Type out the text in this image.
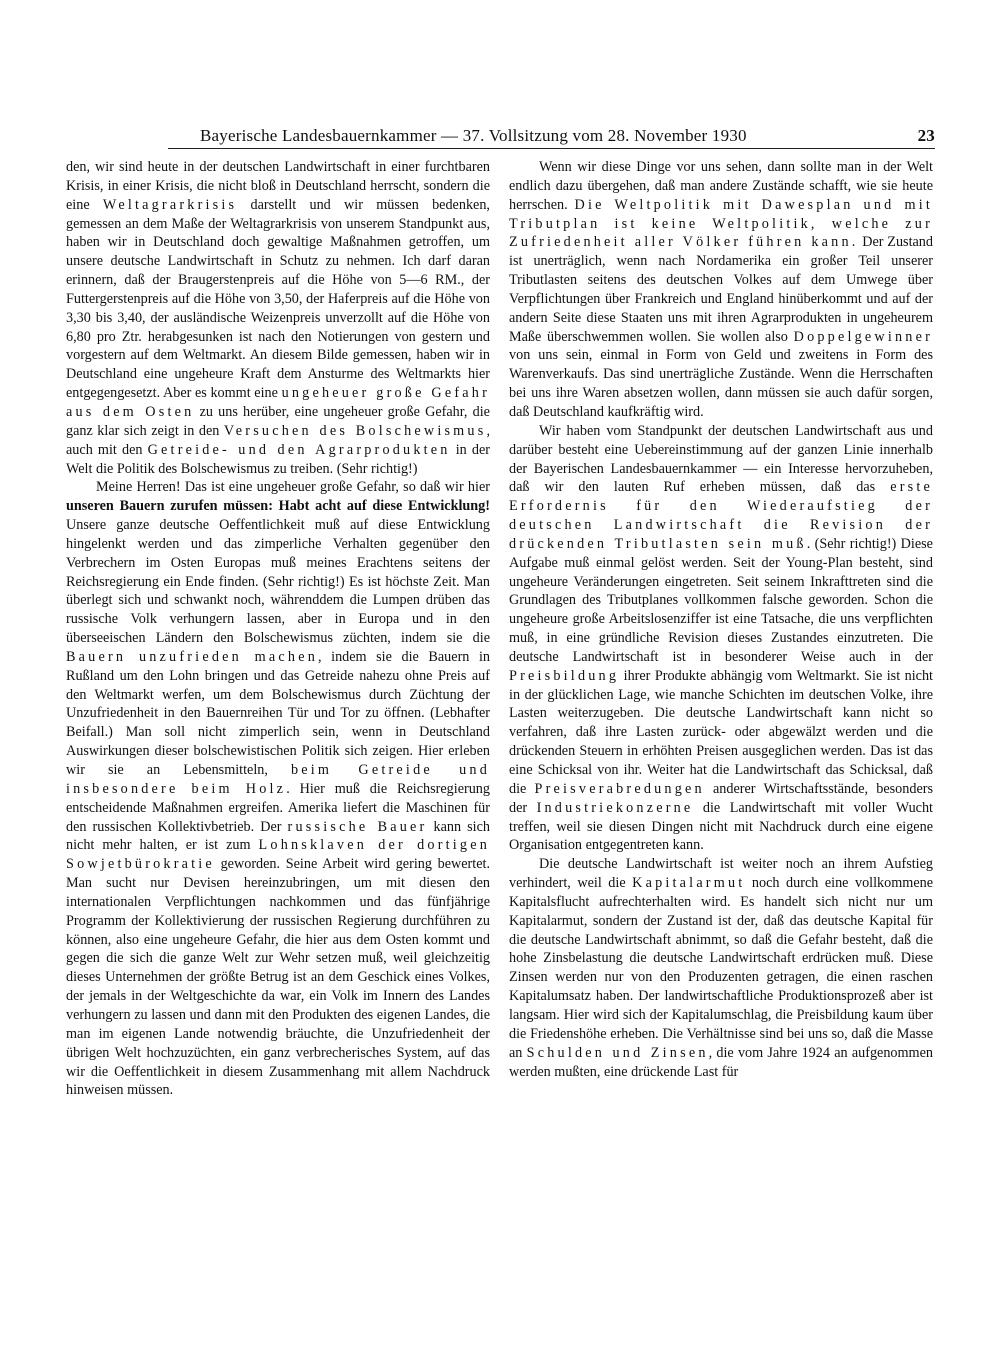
Bayerische Landesbauernkammer — 37. Vollsitzung vom 28. November 1930	23

den, wir sind heute in der deutschen Landwirtschaft in einer furchtbaren Krisis, in einer Krisis, die nicht bloß in Deutschland herrscht, sondern die eine Weltagrarkrisis darstellt und wir müssen bedenken, gemessen an dem Maße der Weltagrarkrisis von unserem Standpunkt aus, haben wir in Deutschland doch gewaltige Maßnahmen getroffen, um unsere deutsche Landwirtschaft in Schutz zu nehmen. Ich darf daran erinnern, daß der Braugerstenpreis auf die Höhe von 5—6 RM., der Futtergerstenpreis auf die Höhe von 3,50, der Haferpreis auf die Höhe von 3,30 bis 3,40, der ausländische Weizenpreis unverzollt auf die Höhe von 6,80 pro Ztr. herabgesunken ist nach den Notierungen von gestern und vorgestern auf dem Weltmarkt. An diesem Bilde gemessen, haben wir in Deutschland eine ungeheure Kraft dem Ansturme des Weltmarkts hier entgegengesetzt. Aber es kommt eine ungeheuer große Gefahr aus dem Osten zu uns herüber, eine ungeheuer große Gefahr, die ganz klar sich zeigt in den Versuchen des Bolschewismus, auch mit den Getreide- und den Agrarprodukten in der Welt die Politik des Bolschewismus zu treiben. (Sehr richtig!)

Meine Herren! Das ist eine ungeheuer große Gefahr, so daß wir hier unseren Bauern zurufen müssen: Habt acht auf diese Entwicklung! Unsere ganze deutsche Oeffentlichkeit muß auf diese Entwicklung hingelenkt werden und das zimperliche Verhalten gegenüber den Verbrechern im Osten Europas muß meines Erachtens seitens der Reichsregierung ein Ende finden. (Sehr richtig!) Es ist höchste Zeit. Man überlegt sich und schwankt noch, währenddem die Lumpen drüben das russische Volk verhungern lassen, aber in Europa und in den überseeischen Ländern den Bolschewismus züchten, indem sie die Bauern unzufrieden machen, indem sie die Bauern in Rußland um den Lohn bringen und das Getreide nahezu ohne Preis auf den Weltmarkt werfen, um dem Bolschewismus durch Züchtung der Unzufriedenheit in den Bauernreihen Tür und Tor zu öffnen. (Lebhafter Beifall.) Man soll nicht zimperlich sein, wenn in Deutschland Auswirkungen dieser bolschewistischen Politik sich zeigen. Hier erleben wir sie an Lebensmitteln, beim Getreide und insbesondere beim Holz. Hier muß die Reichsregierung entscheidende Maßnahmen ergreifen. Amerika liefert die Maschinen für den russischen Kollektivbetrieb. Der russische Bauer kann sich nicht mehr halten, er ist zum Lohnsklaven der dortigen Sowjetbürokratie geworden. Seine Arbeit wird gering bewertet. Man sucht nur Devisen hereinzubringen, um mit diesen den internationalen Verpflichtungen nachkommen und das fünfjährige Programm der Kollektivierung der russischen Regierung durchführen zu können, also eine ungeheure Gefahr, die hier aus dem Osten kommt und gegen die sich die ganze Welt zur Wehr setzen muß, weil gleichzeitig dieses Unternehmen der größte Betrug ist an dem Geschick eines Volkes, der jemals in der Weltgeschichte da war, ein Volk im Innern des Landes verhungern zu lassen und dann mit den Produkten des eigenen Landes, die man im eigenen Lande notwendig bräuchte, die Unzufriedenheit der übrigen Welt hochzuzüchten, ein ganz verbrecherisches System, auf das wir die Oeffentlichkeit in diesem Zusammenhang mit allem Nachdruck hinweisen müssen.

Wenn wir diese Dinge vor uns sehen, dann sollte man in der Welt endlich dazu übergehen, daß man andere Zustände schafft, wie sie heute herrschen. Die Weltpolitik mit Dawesplan und mit Tributplan ist keine Weltpolitik, welche zur Zufriedenheit aller Völker führen kann. Der Zustand ist unerträglich, wenn nach Nordamerika ein großer Teil unserer Tributlasten seitens des deutschen Volkes auf dem Umwege über Verpflichtungen über Frankreich und England hinüberkommt und auf der andern Seite diese Staaten uns mit ihren Agrarprodukten in ungeheurem Maße überschwemmen wollen. Sie wollen also Doppelgewinner von uns sein, einmal in Form von Geld und zweitens in Form des Warenverkaufs. Das sind unerträgliche Zustände. Wenn die Herrschaften bei uns ihre Waren absetzen wollen, dann müssen sie auch dafür sorgen, daß Deutschland kaufkräftig wird.

Wir haben vom Standpunkt der deutschen Landwirtschaft aus und darüber besteht eine Uebereinstimmung auf der ganzen Linie innerhalb der Bayerischen Landesbauernkammer — ein Interesse hervorzuheben, daß wir den lauten Ruf erheben müssen, daß das erste Erfordernis für den Wiederaufstieg der deutschen Landwirtschaft die Revision der drückenden Tributlasten sein muß. (Sehr richtig!) Diese Aufgabe muß einmal gelöst werden. Seit der Young-Plan besteht, sind ungeheure Veränderungen eingetreten. Seit seinem Inkrafttreten sind die Grundlagen des Tributplanes vollkommen falsche geworden. Schon die ungeheure große Arbeitslosenziffer ist eine Tatsache, die uns verpflichten muß, in eine gründliche Revision dieses Zustandes einzutreten. Die deutsche Landwirtschaft ist in besonderer Weise auch in der Preisbildung ihrer Produkte abhängig vom Weltmarkt. Sie ist nicht in der glücklichen Lage, wie manche Schichten im deutschen Volke, ihre Lasten weiterzugeben. Die deutsche Landwirtschaft kann nicht so verfahren, daß ihre Lasten zurück- oder abgewälzt werden und die drückenden Steuern in erhöhten Preisen ausgeglichen werden. Das ist das eine Schicksal von ihr. Weiter hat die Landwirtschaft das Schicksal, daß die Preisverabredungen anderer Wirtschaftsstände, besonders der Industriekonzerne die Landwirtschaft mit voller Wucht treffen, weil sie diesen Dingen nicht mit Nachdruck durch eine eigene Organisation entgegentreten kann.

Die deutsche Landwirtschaft ist weiter noch an ihrem Aufstieg verhindert, weil die Kapitalarmut noch durch eine vollkommene Kapitalsflucht aufrechterhalten wird. Es handelt sich nicht nur um Kapitalarmut, sondern der Zustand ist der, daß das deutsche Kapital für die deutsche Landwirtschaft abnimmt, so daß die Gefahr besteht, daß die hohe Zinsbelastung die deutsche Landwirtschaft erdrücken muß. Diese Zinsen werden nur von den Produzenten getragen, die einen raschen Kapitalumsatz haben. Der landwirtschaftliche Produktionsprozeß aber ist langsam. Hier wird sich der Kapitalumschlag, die Preisbildung kaum über die Friedenshöhe erheben. Die Verhältnisse sind bei uns so, daß die Masse an Schulden und Zinsen, die vom Jahre 1924 an aufgenommen werden mußten, eine drückende Last für
